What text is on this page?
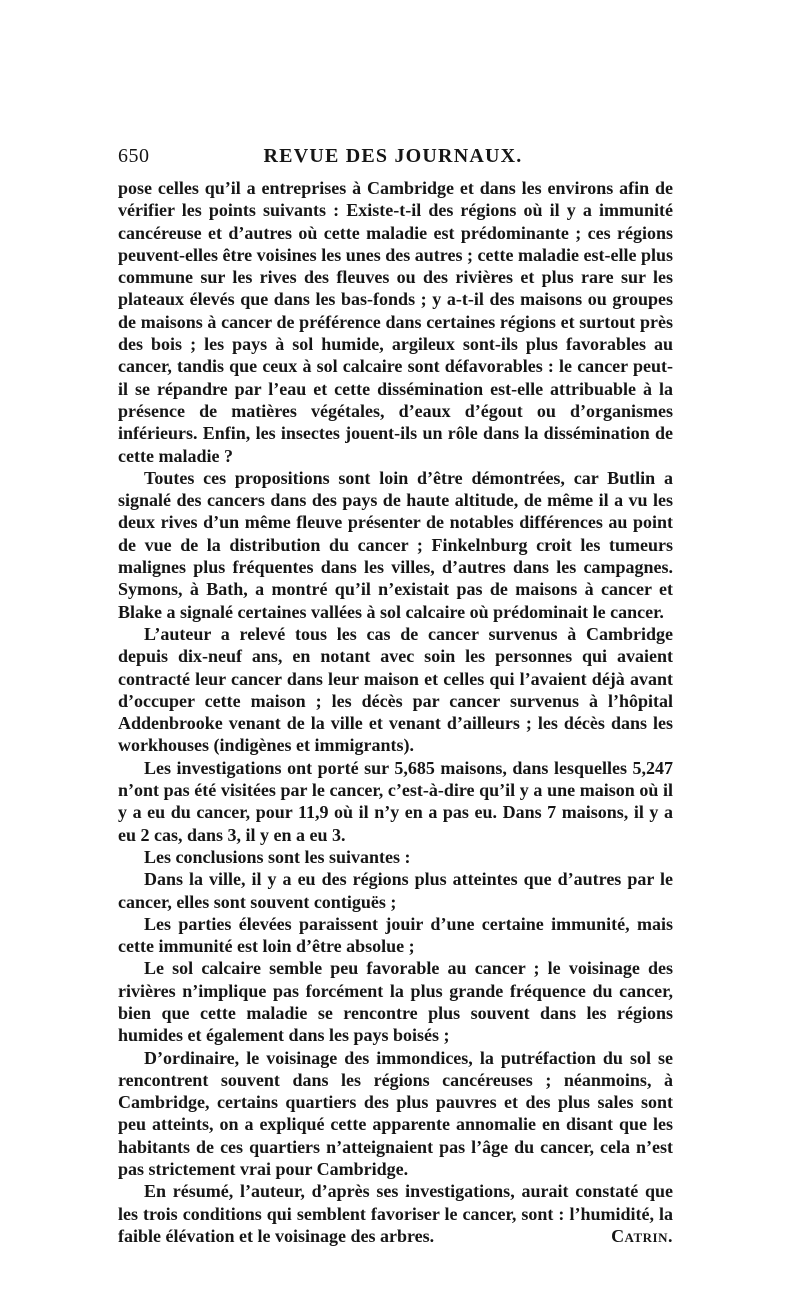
650	REVUE DES JOURNAUX.

pose celles qu’il a entreprises à Cambridge et dans les environs afin de vérifier les points suivants : Existe-t-il des régions où il y a immunité cancéreuse et d’autres où cette maladie est prédominante ; ces régions peuvent-elles être voisines les unes des autres ; cette maladie est-elle plus commune sur les rives des fleuves ou des rivières et plus rare sur les plateaux élevés que dans les bas-fonds ; y a-t-il des maisons ou groupes de maisons à cancer de préférence dans certaines régions et surtout près des bois ; les pays à sol humide, argileux sont-ils plus favorables au cancer, tandis que ceux à sol calcaire sont défavorables : le cancer peut-il se répandre par l’eau et cette dissémination est-elle attribuable à la présence de matières végétales, d’eaux d’égout ou d’organismes inférieurs. Enfin, les insectes jouent-ils un rôle dans la dissémination de cette maladie ?

Toutes ces propositions sont loin d’être démontrées, car Butlin a signalé des cancers dans des pays de haute altitude, de même il a vu les deux rives d’un même fleuve présenter de notables différences au point de vue de la distribution du cancer ; Finkelnburg croit les tumeurs malignes plus fréquentes dans les villes, d’autres dans les campagnes. Symons, à Bath, a montré qu’il n’existait pas de maisons à cancer et Blake a signalé certaines vallées à sol calcaire où prédominait le cancer.

L’auteur a relevé tous les cas de cancer survenus à Cambridge depuis dix-neuf ans, en notant avec soin les personnes qui avaient contracté leur cancer dans leur maison et celles qui l’avaient déjà avant d’occuper cette maison ; les décès par cancer survenus à l’hôpital Addenbrooke venant de la ville et venant d’ailleurs ; les décès dans les workhouses (indigènes et immigrants).

Les investigations ont porté sur 5,685 maisons, dans lesquelles 5,247 n’ont pas été visitées par le cancer, c’est-à-dire qu’il y a une maison où il y a eu du cancer, pour 11,9 où il n’y en a pas eu. Dans 7 maisons, il y a eu 2 cas, dans 3, il y en a eu 3.

Les conclusions sont les suivantes :

Dans la ville, il y a eu des régions plus atteintes que d’autres par le cancer, elles sont souvent contiguës ;

Les parties élevées paraissent jouir d’une certaine immunité, mais cette immunité est loin d’être absolue ;

Le sol calcaire semble peu favorable au cancer ; le voisinage des rivières n’implique pas forcément la plus grande fréquence du cancer, bien que cette maladie se rencontre plus souvent dans les régions humides et également dans les pays boisés ;

D’ordinaire, le voisinage des immondices, la putréfaction du sol se rencontrent souvent dans les régions cancéreuses ; néanmoins, à Cambridge, certains quartiers des plus pauvres et des plus sales sont peu atteints, on a expliqué cette apparente annomalie en disant que les habitants de ces quartiers n’atteignaient pas l’âge du cancer, cela n’est pas strictement vrai pour Cambridge.

En résumé, l’auteur, d’après ses investigations, aurait constaté que les trois conditions qui semblent favoriser le cancer, sont : l’humidité, la faible élévation et le voisinage des arbres.	Catrin.
